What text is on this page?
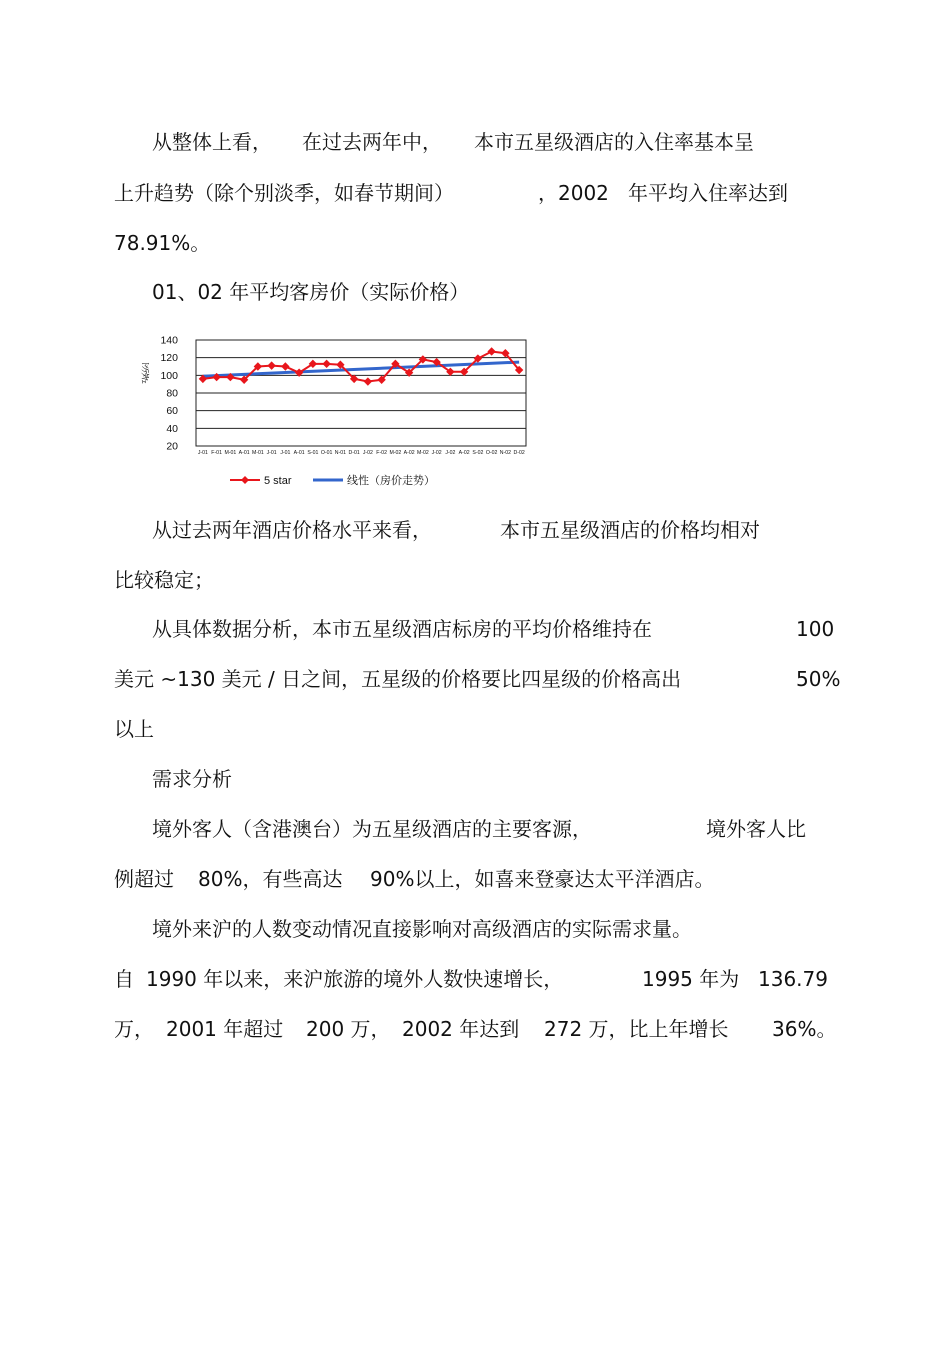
从整体上看， 在过去两年中， 本市五星级酒店的入住率基本呈
上升趋势（除个别淡季，如春节期间）	，2002 年平均入住率达到
78.91%。
01、02 年平均客房价（实际价格）
20
40
60
80
100
120
140
ﾄﾂﾃﾀﾔｪ
J-01 F-01 M-01 A-01 M-01 J-01 J-01 A-01 S-01 O-01 N-01 D-01 J-02 F-02 M-02 A-02 M-02 J-02 J-02 A-02 S-02 O-02 N-02 D-02
5 star	线性（房价走势）
从过去两年酒店价格水平来看，	本市五星级酒店的价格均相对
比较稳定；
从具体数据分析，本市五星级酒店标房的平均价格维持在	100
美元 ~130 美元 / 日之间，五星级的价格要比四星级的价格高出	50%
以上
需求分析
境外客人（含港澳台）为五星级酒店的主要客源，	境外客人比
例超过 80%，有些高达 90%以上，如喜来登豪达太平洋酒店。
境外来沪的人数变动情况直接影响对高级酒店的实际需求量。
自 1990 年以来，来沪旅游的境外人数快速增长，	1995 年为 136.79
万， 2001 年超过 200 万， 2002 年达到 272 万，比上年增长 36%。
